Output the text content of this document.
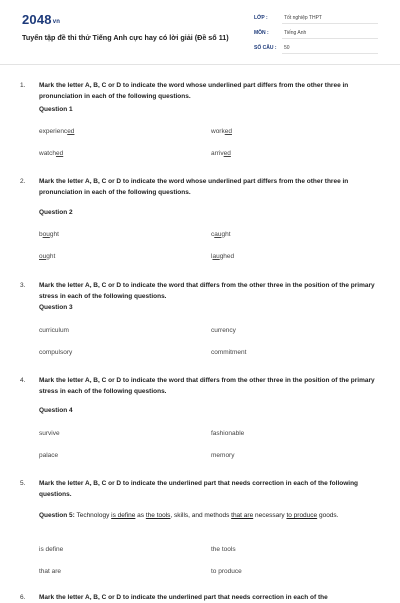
2048vn
Tuyển tập đề thi thử Tiếng Anh cực hay có lời giải (Đề số 11)
LỚP :	Tốt nghiệp THPT
MÔN :	Tiếng Anh
SỐ CÂU : 50
1. Mark the letter A, B, C or D to indicate the word whose underlined part differs from the other three in pronunciation in each of the following questions.
Question 1
experienced	worked
watched	arrived
2. Mark the letter A, B, C or D to indicate the word whose underlined part differs from the other three in pronunciation in each of the following questions.
Question 2
bought	caught
ought	laughed
3. Mark the letter A, B, C or D to indicate the word that differs from the other three in the position of the primary stress in each of the following questions.
Question 3
curriculum	currency
compulsory	commitment
4. Mark the letter A, B, C or D to indicate the word that differs from the other three in the position of the primary stress in each of the following questions.
Question 4
survive	fashionable
palace	memory
5. Mark the letter A, B, C or D to indicate the underlined part that needs correction in each of the following questions.
Question 5: Technology is define as the tools, skills, and methods that are necessary to produce goods.
is define	the tools
that are	to produce
6. Mark the letter A, B, C or D to indicate the underlined part that needs correction in each of the
